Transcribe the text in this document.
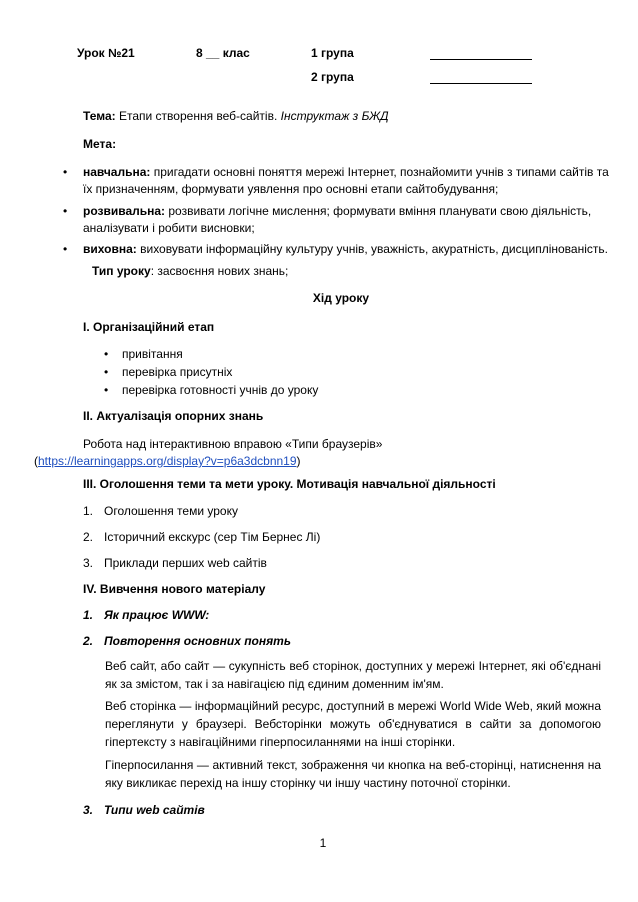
Урок №21	8 __ клас	1 група
2 група
Тема: Етапи створення веб-сайтів. Інструктаж з БЖД
Мета:
• навчальна: пригадати основні поняття мережі Інтернет, познайомити учнів з типами сайтів та
їх призначенням, формувати уявлення про основні етапи сайтобудування;
• розвивальна: розвивати логічне мислення; формувати вміння планувати свою діяльність,
аналізувати і робити висновки;
• виховна: виховувати інформаційну культуру учнів, уважність, акуратність, дисциплінованість.
Тип уроку: засвоєння нових знань;
Хід уроку
І. Організаційний етап
• привітання
• перевірка присутніх
• перевірка готовності учнів до уроку
ІІ. Актуалізація опорних знань
Робота над інтерактивною вправою «Типи браузерів»
(https://learningapps.org/display?v=p6a3dcbnn19)
ІІІ. Оголошення теми та мети уроку. Мотивація навчальної діяльності
1. Оголошення теми уроку
2. Історичний екскурс (сер Тім Бернес Лі)
3. Приклади перших web сайтів
IV. Вивчення нового матеріалу
1. Як працює WWW:
2. Повторення основних понять
Веб сайт, або сайт — сукупність веб сторінок, доступних у мережі Інтернет, які об'єднані як за змістом, так і за навігацією під єдиним доменним ім'ям.
Веб сторінка — інформаційний ресурс, доступний в мережі World Wide Web, який можна переглянути у браузері. Вебсторінки можуть об'єднуватися в сайти за допомогою гіпертексту з навігаційними гіперпосиланнями на інші сторінки.
Гіперпосилання — активний текст, зображення чи кнопка на веб-сторінці, натиснення на яку викликає перехід на іншу сторінку чи іншу частину поточної сторінки.
3. Типи web сайтів
1
